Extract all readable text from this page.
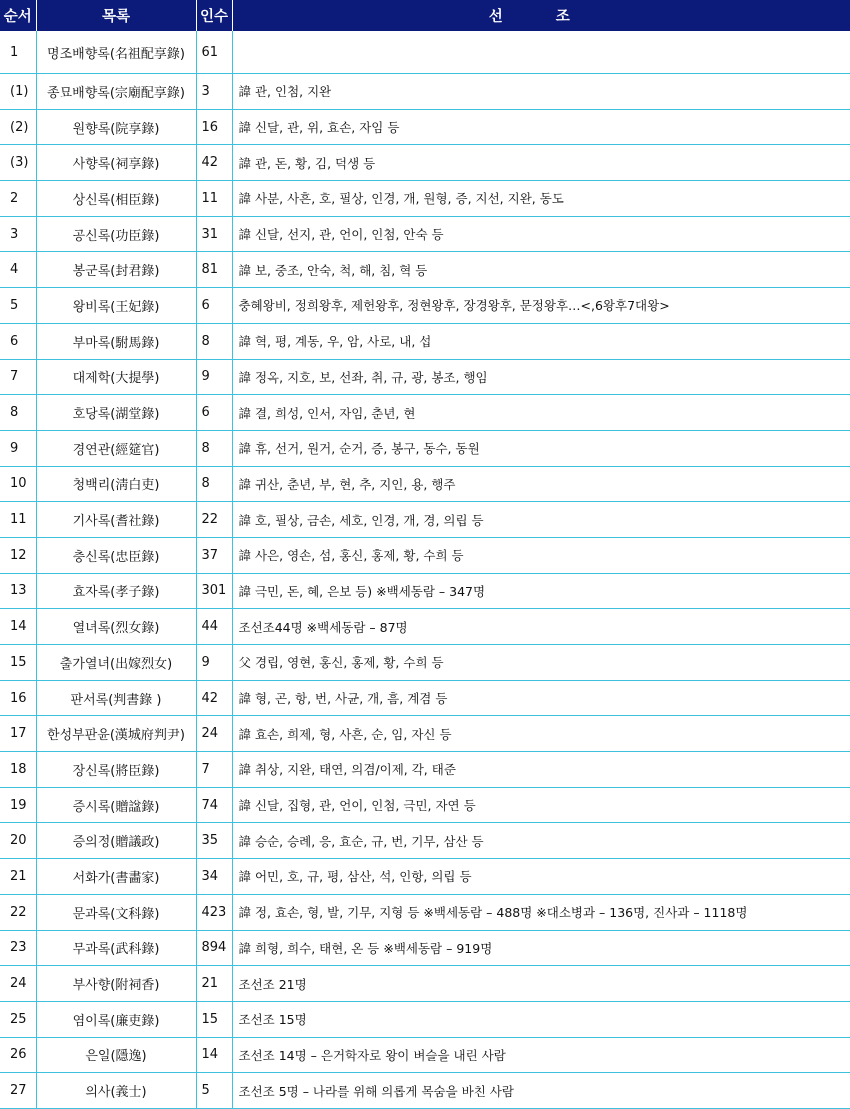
순서	목록	인수	선 조
1	명조배향록(名祖配享錄)	61	
(1)	종묘배향록(宗廟配享錄)	3	諱 관, 인첨, 지완
(2)	원향록(院享錄)	16	諱 신달, 관, 위, 효손, 자임 등
(3)	사향록(祠享錄)	42	諱 관, 돈, 황, 김, 덕생 등
2	상신록(相臣錄)	11	諱 사분, 사흔, 호, 필상, 인경, 개, 원형, 증, 지선, 지완, 동도
3	공신록(功臣錄)	31	諱 신달, 선지, 관, 언이, 인첨, 안숙 등
4	봉군록(封君錄)	81	諱 보, 중조, 안숙, 척, 해, 침, 혁 등
5	왕비록(王妃錄)	6	충혜왕비, 정희왕후, 제헌왕후, 정현왕후, 장경왕후, 문정왕후…<,6왕후7대왕>
6	부마록(駙馬錄)	8	諱 혁, 평, 계동, 우, 암, 사로, 내, 섭
7	대제학(大提學)	9	諱 정옥, 지호, 보, 선좌, 취, 규, 광, 봉조, 행임
8	호당록(湖堂錄)	6	諱 결, 희성, 인서, 자임, 춘년, 현
9	경연관(經筵官)	8	諱 휴, 선거, 원거, 순거, 증, 봉구, 동수, 동원
10	청백리(淸白吏)	8	諱 귀산, 춘년, 부, 현, 추, 지인, 용, 행주
11	기사록(耆社錄)	22	諱 호, 필상, 금손, 세호, 인경, 개, 경, 의립 등
12	충신록(忠臣錄)	37	諱 사은, 영손, 섬, 홍신, 홍제, 황, 수희 등
13	효자록(孝子錄)	301	諱 극민, 돈, 혜, 은보 등) ※백세동람 – 347명
14	열녀록(烈女錄)	44	조선조44명 ※백세동람 – 87명
15	출가열녀(出嫁烈女)	9	父 경립, 영현, 홍신, 홍제, 황, 수희 등
16	판서록(判書錄 )	42	諱 형, 곤, 항, 번, 사균, 개, 흠, 계겸 등
17	한성부판윤(漢城府判尹)	24	諱 효손, 희제, 형, 사흔, 순, 임, 자신 등
18	장신록(將臣錄)	7	諱 취상, 지완, 태연, 의겸/이제, 각, 태준
19	증시록(贈諡錄)	74	諱 신달, 집형, 관, 언이, 인첨, 극민, 자연 등
20	증의정(贈議政)	35	諱 승순, 승례, 응, 효순, 규, 번, 기무, 삼산 등
21	서화가(書畵家)	34	諱 어민, 호, 규, 평, 삼산, 석, 인항, 의립 등
22	문과록(文科錄)	423	諱 정, 효손, 형, 발, 기무, 지형 등 ※백세동람 – 488명 ※대소병과 – 136명, 진사과 – 1118명
23	무과록(武科錄)	894	諱 희형, 희수, 태현, 온 등 ※백세동람 – 919명
24	부사향(附祠香)	21	조선조 21명
25	염이록(廉吏錄)	15	조선조 15명
26	은일(隱逸)	14	조선조 14명 – 은거학자로 왕이 벼슬을 내린 사람
27	의사(義士)	5	조선조 5명 – 나라를 위해 의롭게 목숨을 바친 사람
